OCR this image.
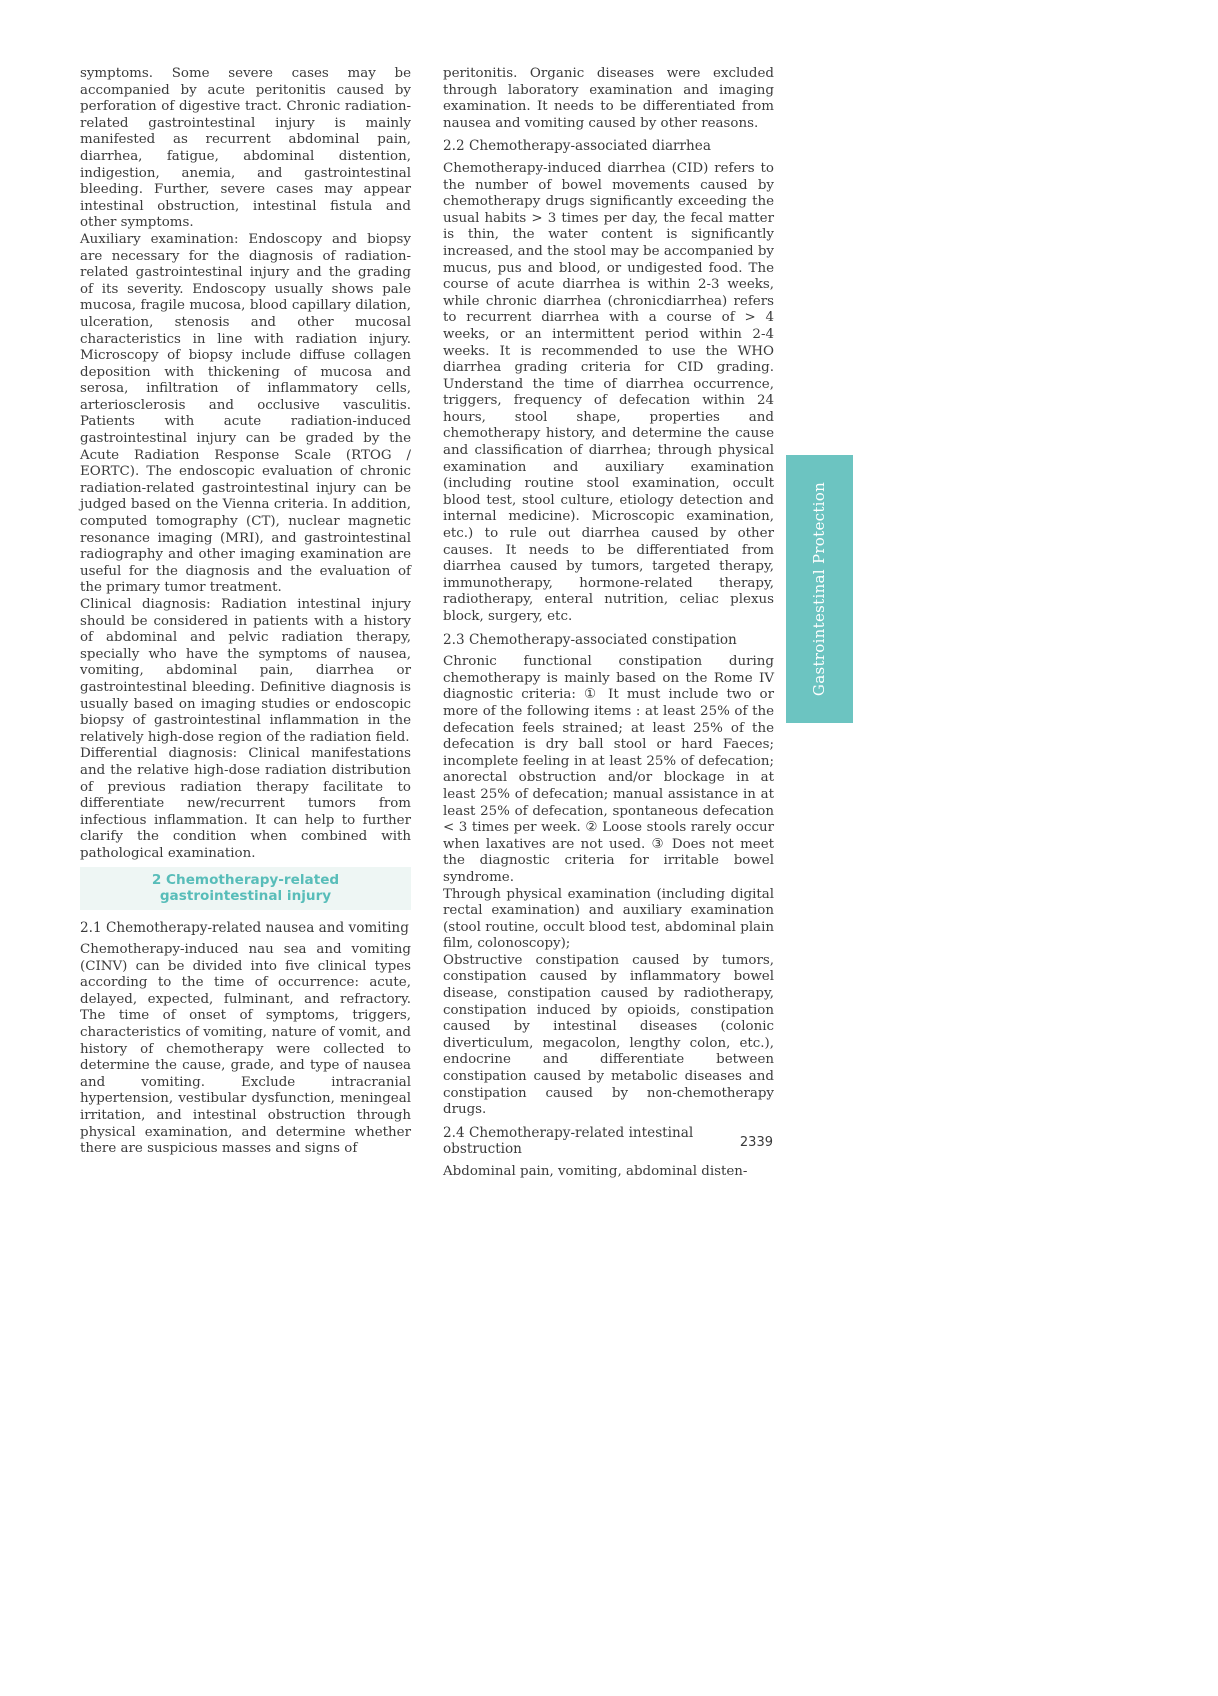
symptoms. Some severe cases may be accompanied by acute peritonitis caused by perforation of digestive tract. Chronic radiation-related gastrointestinal injury is mainly manifested as recurrent abdominal pain, diarrhea, fatigue, abdominal distention, indigestion, anemia, and gastrointestinal bleeding. Further, severe cases may appear intestinal obstruction, intestinal fistula and other symptoms.

Auxiliary examination: Endoscopy and biopsy are necessary for the diagnosis of radiation-related gastrointestinal injury and the grading of its severity. Endoscopy usually shows pale mucosa, fragile mucosa, blood capillary dilation, ulceration, stenosis and other mucosal characteristics in line with radiation injury. Microscopy of biopsy include diffuse collagen deposition with thickening of mucosa and serosa, infiltration of inflammatory cells, arteriosclerosis and occlusive vasculitis. Patients with acute radiation-induced gastrointestinal injury can be graded by the Acute Radiation Response Scale (RTOG / EORTC). The endoscopic evaluation of chronic radiation-related gastrointestinal injury can be judged based on the Vienna criteria. In addition, computed tomography (CT), nuclear magnetic resonance imaging (MRI), and gastrointestinal radiography and other imaging examination are useful for the diagnosis and the evaluation of the primary tumor treatment.

Clinical diagnosis: Radiation intestinal injury should be considered in patients with a history of abdominal and pelvic radiation therapy, specially who have the symptoms of nausea, vomiting, abdominal pain, diarrhea or gastrointestinal bleeding. Definitive diagnosis is usually based on imaging studies or endoscopic biopsy of gastrointestinal inflammation in the relatively high-dose region of the radiation field.

Differential diagnosis: Clinical manifestations and the relative high-dose radiation distribution of previous radiation therapy facilitate to differentiate new/recurrent tumors from infectious inflammation. It can help to further clarify the condition when combined with pathological examination.

2 Chemotherapy-related gastrointestinal injury

2.1 Chemotherapy-related nausea and vomiting

Chemotherapy-induced nau sea and vomiting (CINV) can be divided into five clinical types according to the time of occurrence: acute, delayed, expected, fulminant, and refractory. The time of onset of symptoms, triggers, characteristics of vomiting, nature of vomit, and history of chemotherapy were collected to determine the cause, grade, and type of nausea and vomiting. Exclude intracranial hypertension, vestibular dysfunction, meningeal irritation, and intestinal obstruction through physical examination, and determine whether there are suspicious masses and signs of

peritonitis. Organic diseases were excluded through laboratory examination and imaging examination. It needs to be differentiated from nausea and vomiting caused by other reasons.

2.2 Chemotherapy-associated diarrhea

Chemotherapy-induced diarrhea (CID) refers to the number of bowel movements caused by chemotherapy drugs significantly exceeding the usual habits > 3 times per day, the fecal matter is thin, the water content is significantly increased, and the stool may be accompanied by mucus, pus and blood, or undigested food. The course of acute diarrhea is within 2-3 weeks, while chronic diarrhea (chronicdiarrhea) refers to recurrent diarrhea with a course of > 4 weeks, or an intermittent period within 2-4 weeks. It is recommended to use the WHO diarrhea grading criteria for CID grading. Understand the time of diarrhea occurrence, triggers, frequency of defecation within 24 hours, stool shape, properties and chemotherapy history, and determine the cause and classification of diarrhea; through physical examination and auxiliary examination (including routine stool examination, occult blood test, stool culture, etiology detection and internal medicine). Microscopic examination, etc.) to rule out diarrhea caused by other causes. It needs to be differentiated from diarrhea caused by tumors, targeted therapy, immunotherapy, hormone-related therapy, radiotherapy, enteral nutrition, celiac plexus block, surgery, etc.

2.3 Chemotherapy-associated constipation

Chronic functional constipation during chemotherapy is mainly based on the Rome IV diagnostic criteria: ① It must include two or more of the following items : at least 25% of the defecation feels strained; at least 25% of the defecation is dry ball stool or hard Faeces; incomplete feeling in at least 25% of defecation; anorectal obstruction and/or blockage in at least 25% of defecation; manual assistance in at least 25% of defecation, spontaneous defecation < 3 times per week. ② Loose stools rarely occur when laxatives are not used. ③ Does not meet the diagnostic criteria for irritable bowel syndrome.

Through physical examination (including digital rectal examination) and auxiliary examination (stool routine, occult blood test, abdominal plain film, colonoscopy);

Obstructive constipation caused by tumors, constipation caused by inflammatory bowel disease, constipation caused by radiotherapy, constipation induced by opioids, constipation caused by intestinal diseases (colonic diverticulum, megacolon, lengthy colon, etc.), endocrine and differentiate between constipation caused by metabolic diseases and constipation caused by non-chemotherapy drugs.

2.4 Chemotherapy-related intestinal obstruction

Abdominal pain, vomiting, abdominal disten-

Gastrointestinal Protection
2339
